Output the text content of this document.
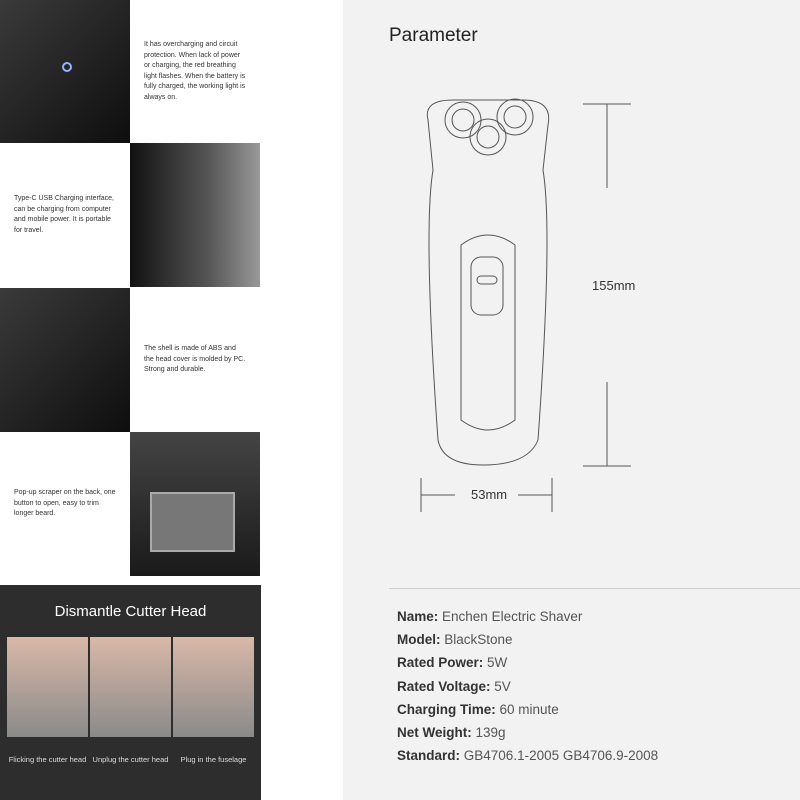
It has overcharging and circuit protection. When lack of power or charging, the red breathing light flashes. When the battery is fully charged, the working light is always on.
Type-C USB Charging interface, can be charging from computer and mobile power. It is portable for travel.
The shell is made of ABS and the head cover is molded by PC. Strong and durable.
Pop-up scraper on the back, one button to open, easy to trim longer beard.
Dismantle Cutter Head
Flicking the cutter head Unplug the cutter head	Plug in the fuselage
Parameter
155mm
53mm
Name: Enchen Electric Shaver
Model: BlackStone
Rated Power: 5W
Rated Voltage: 5V
Charging Time: 60 minute
Net Weight: 139g
Standard: GB4706.1-2005 GB4706.9-2008
